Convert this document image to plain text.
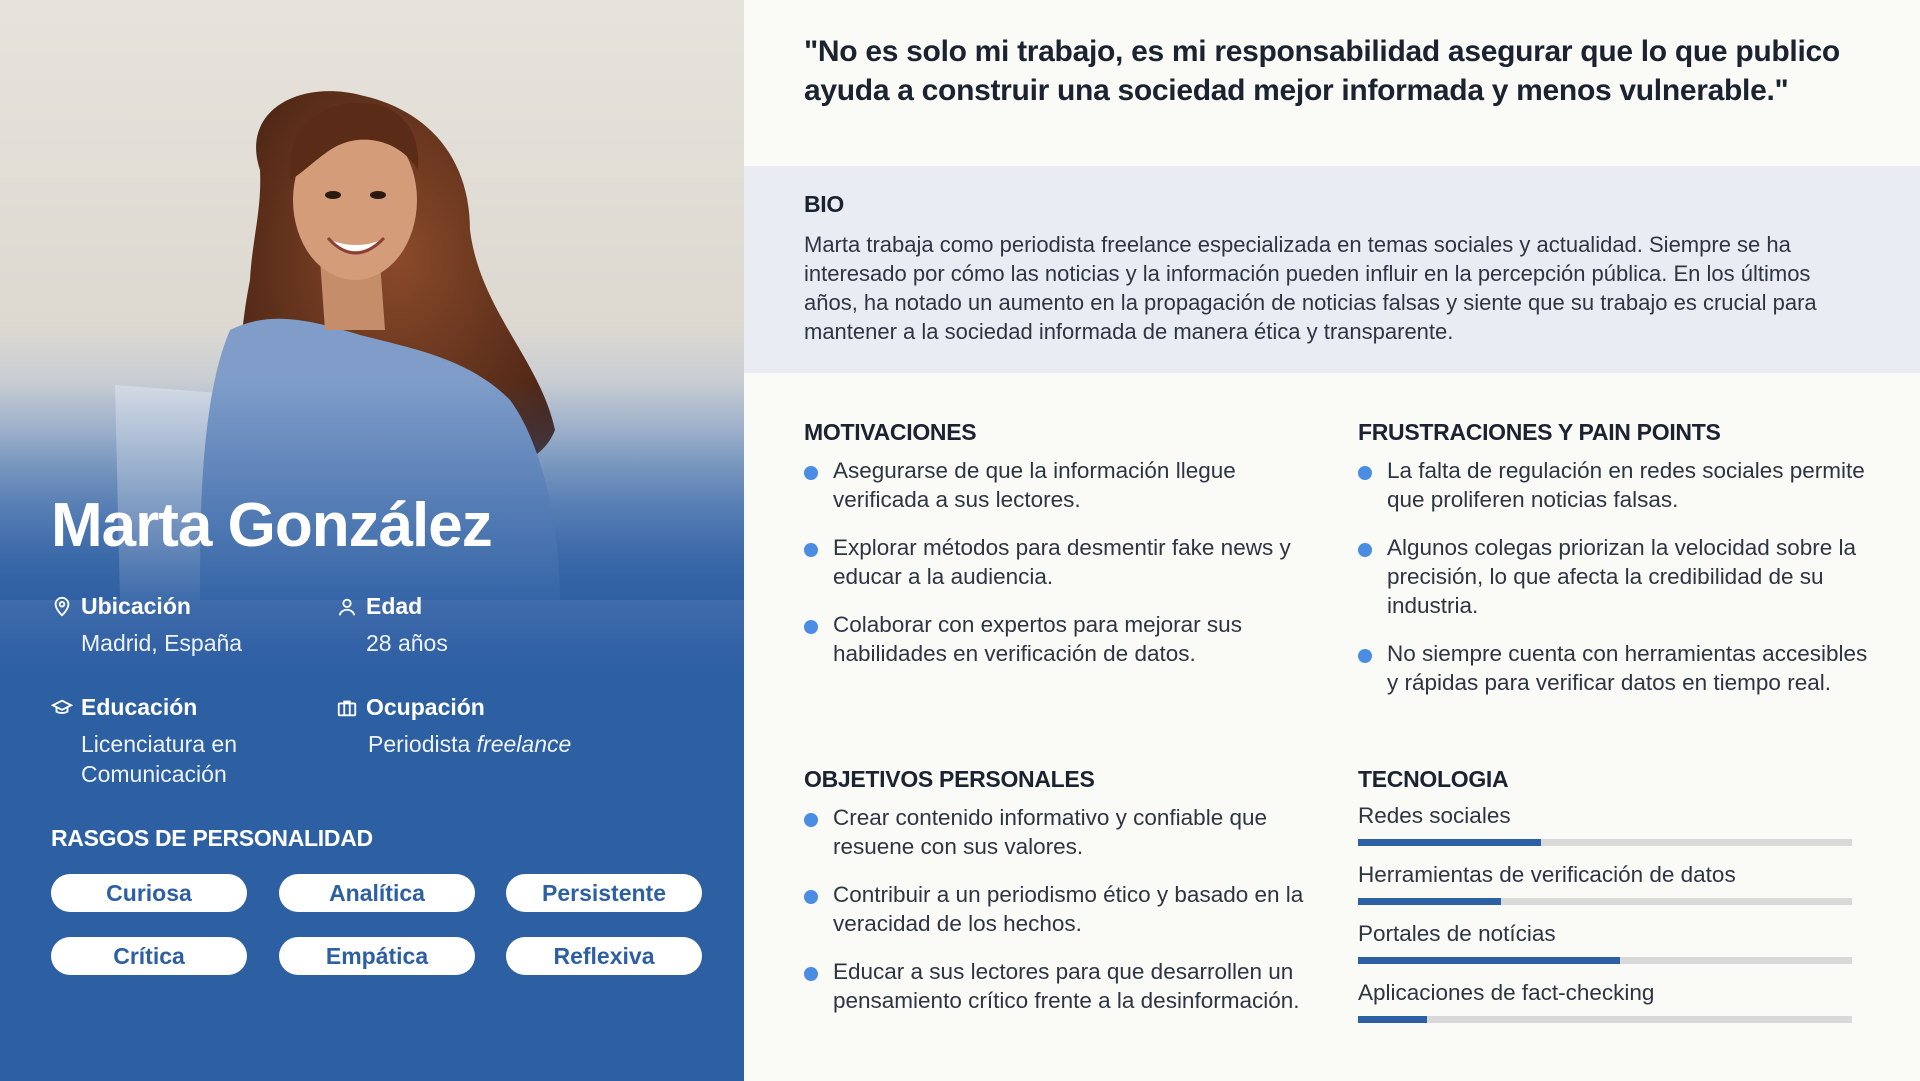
Marta González
Ubicación
Madrid, España
Edad
28 años
Educación
Licenciatura en
Comunicación
Ocupación
Periodista freelance
RASGOS DE PERSONALIDAD
Curiosa	Analítica	Persistente
Crítica	Empática	Reflexiva
"No es solo mi trabajo, es mi responsabilidad asegurar que lo que publico ayuda a construir una sociedad mejor informada y menos vulnerable."
BIO
Marta trabaja como periodista freelance especializada en temas sociales y actualidad. Siempre se ha interesado por cómo las noticias y la información pueden influir en la percepción pública. En los últimos años, ha notado un aumento en la propagación de noticias falsas y siente que su trabajo es crucial para mantener a la sociedad informada de manera ética y transparente.
MOTIVACIONES
Asegurarse de que la información llegue verificada a sus lectores.
Explorar métodos para desmentir fake news y educar a la audiencia.
Colaborar con expertos para mejorar sus habilidades en verificación de datos.
FRUSTRACIONES Y PAIN POINTS
La falta de regulación en redes sociales permite que proliferen noticias falsas.
Algunos colegas priorizan la velocidad sobre la precisión, lo que afecta la credibilidad de su industria.
No siempre cuenta con herramientas accesibles y rápidas para verificar datos en tiempo real.
OBJETIVOS PERSONALES
Crear contenido informativo y confiable que resuene con sus valores.
Contribuir a un periodismo ético y basado en la veracidad de los hechos.
Educar a sus lectores para que desarrollen un pensamiento crítico frente a la desinformación.
TECNOLOGIA
Redes sociales
Herramientas de verificación de datos
Portales de notícias
Aplicaciones de fact-checking
